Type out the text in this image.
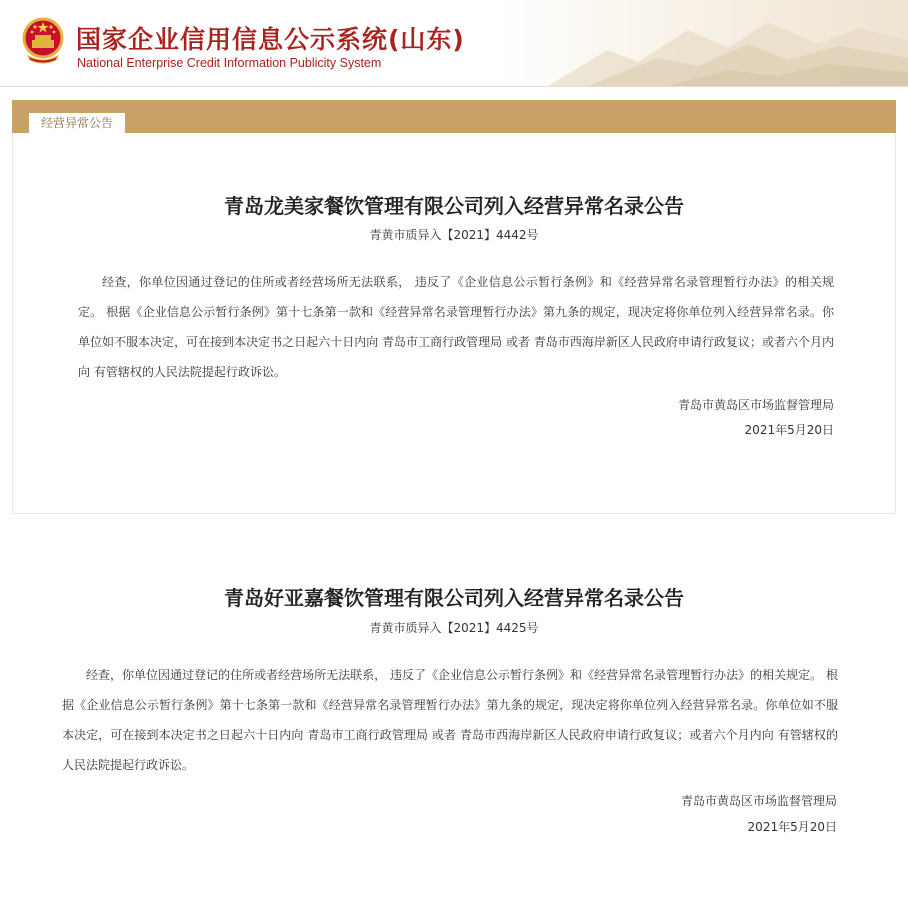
国家企业信用信息公示系统(山东)
National Enterprise Credit Information Publicity System
经营异常公告
青岛龙美家餐饮管理有限公司列入经营异常名录公告
青黄市质异入【2021】4442号
经查，你单位因通过登记的住所或者经营场所无法联系， 违反了《企业信息公示暂行条例》和《经营异常名录管理暂行办法》的相关规定。 根据《企业信息公示暂行条例》第十七条第一款和《经营异常名录管理暂行办法》第九条的规定，现决定将你单位列入经营异常名录。你单位如不服本决定，可在接到本决定书之日起六十日内向 青岛市工商行政管理局 或者 青岛市西海岸新区人民政府申请行政复议；或者六个月内向 有管辖权的人民法院提起行政诉讼。
青岛市黄岛区市场监督管理局
2021年5月20日
青岛好亚嘉餐饮管理有限公司列入经营异常名录公告
青黄市质异入【2021】4425号
经查，你单位因通过登记的住所或者经营场所无法联系， 违反了《企业信息公示暂行条例》和《经营异常名录管理暂行办法》的相关规定。 根据《企业信息公示暂行条例》第十七条第一款和《经营异常名录管理暂行办法》第九条的规定，现决定将你单位列入经营异常名录。你单位如不服本决定，可在接到本决定书之日起六十日内向 青岛市工商行政管理局 或者 青岛市西海岸新区人民政府申请行政复议；或者六个月内向 有管辖权的人民法院提起行政诉讼。
青岛市黄岛区市场监督管理局
2021年5月20日
